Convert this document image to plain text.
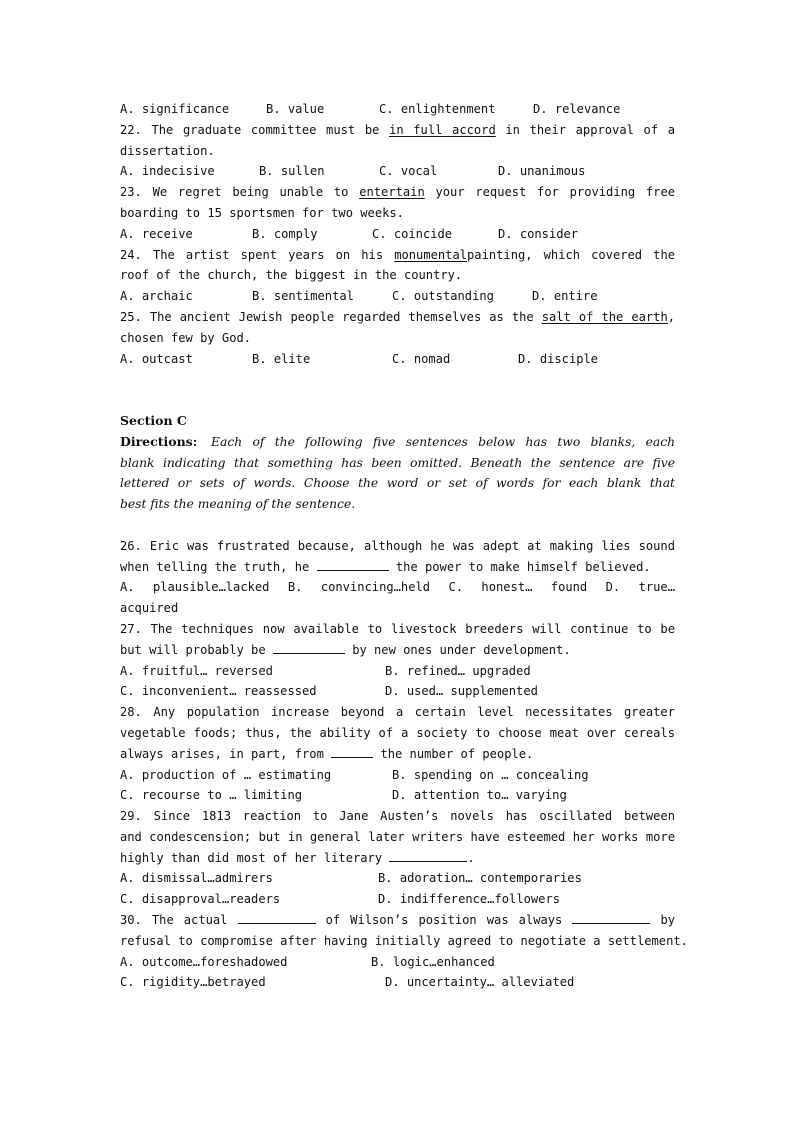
A. significance	B. value	C. enlightenment	D. relevance
22. The graduate committee must be in full accord in their approval of a
dissertation.
A. indecisive	B. sullen	C. vocal	D. unanimous
23. We regret being unable to entertain your request for providing free
boarding to 15 sportsmen for two weeks.
A. receive	B. comply	C. coincide	D. consider
24. The artist spent years on his monumentalpainting, which covered the
roof of the church, the biggest in the country.
A. archaic	B. sentimental	C. outstanding	D. entire
25. The ancient Jewish people regarded themselves as the salt of the earth,
chosen few by God.
A. outcast	B. elite	C. nomad	D. disciple
Section C
Directions: Each of the following five sentences below has two blanks, each
blank indicating that something has been omitted. Beneath the sentence are five
lettered or sets of words. Choose the word or set of words for each blank that
best fits the meaning of the sentence.
26. Eric was frustrated because, although he was adept at making lies sound
when telling the truth, he	the power to make himself believed.
A. plausible…lacked B. convincing…held C. honest… found D. true…
acquired
27. The techniques now available to livestock breeders will continue to be
but will probably be	by new ones under development.
A. fruitful… reversed	B. refined… upgraded
C. inconvenient… reassessed	D. used… supplemented
28. Any population increase beyond a certain level necessitates greater
vegetable foods; thus, the ability of a society to choose meat over cereals
always arises, in part, from	the number of people.
A. production of … estimating	B. spending on … concealing
C. recourse to … limiting	D. attention to… varying
29. Since 1813 reaction to Jane Austen’s novels has oscillated between
and condescension; but in general later writers have esteemed her works more
highly than did most of her literary	.
A. dismissal…admirers	B. adoration… contemporaries
C. disapproval…readers	D. indifference…followers
30. The actual	of Wilson’s position was always	by
refusal to compromise after having initially agreed to negotiate a settlement.
A. outcome…foreshadowed	B. logic…enhanced
C. rigidity…betrayed	D. uncertainty… alleviated
